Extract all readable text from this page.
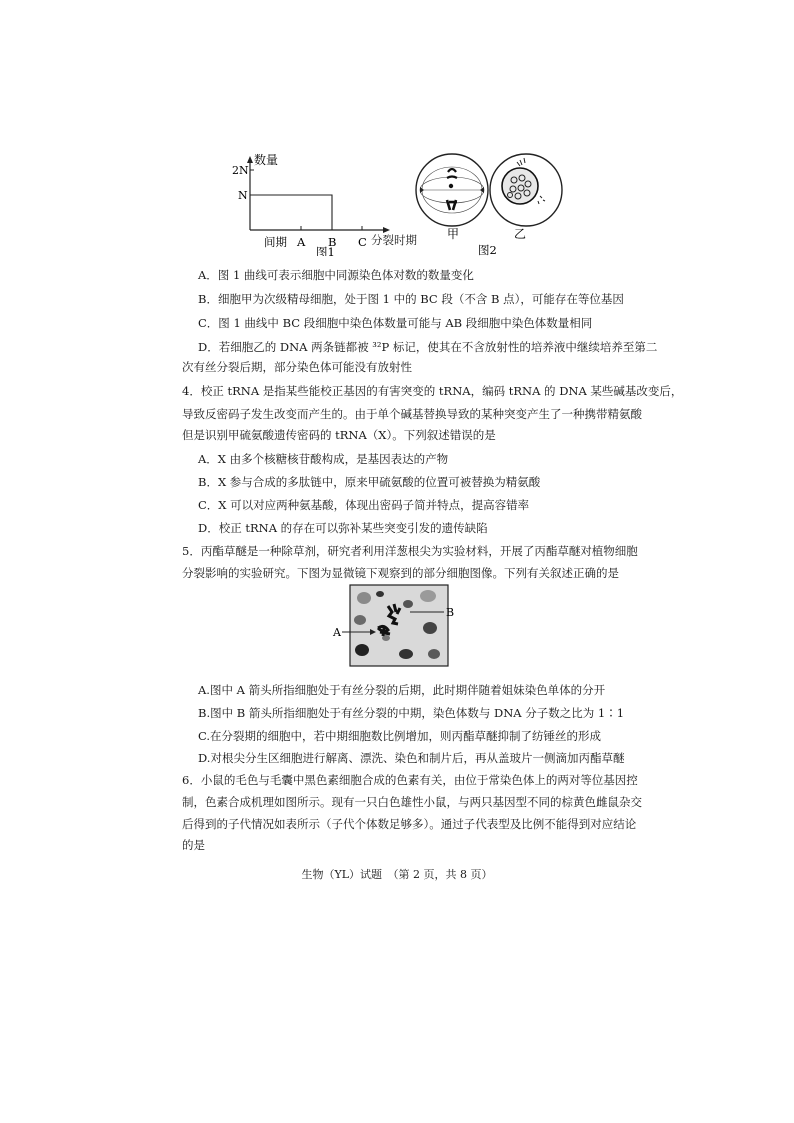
数量
2N
N
间期 A B C
图1
分裂时期	甲	乙
图2
A．图 1 曲线可表示细胞中同源染色体对数的数量变化
B．细胞甲为次级精母细胞，处于图 1 中的 BC 段（不含 B 点），可能存在等位基因
C．图 1 曲线中 BC 段细胞中染色体数量可能与 AB 段细胞中染色体数量相同
D．若细胞乙的 DNA 两条链都被 ³²P 标记，使其在不含放射性的培养液中继续培养至第二
次有丝分裂后期，部分染色体可能没有放射性
4．校正 tRNA 是指某些能校正基因的有害突变的 tRNA，编码 tRNA 的 DNA 某些碱基改变后，
导致反密码子发生改变而产生的。由于单个碱基替换导致的某种突变产生了一种携带精氨酸
但是识别甲硫氨酸遗传密码的 tRNA（X）。下列叙述错误的是
A．X 由多个核糖核苷酸构成，是基因表达的产物
B．X 参与合成的多肽链中，原来甲硫氨酸的位置可被替换为精氨酸
C．X 可以对应两种氨基酸，体现出密码子简并特点，提高容错率
D．校正 tRNA 的存在可以弥补某些突变引发的遗传缺陷
5．丙酯草醚是一种除草剂，研究者利用洋葱根尖为实验材料，开展了丙酯草醚对植物细胞
分裂影响的实验研究。下图为显微镜下观察到的部分细胞图像。下列有关叙述正确的是
B
A
A.图中 A 箭头所指细胞处于有丝分裂的后期，此时期伴随着姐妹染色单体的分开
B.图中 B 箭头所指细胞处于有丝分裂的中期，染色体数与 DNA 分子数之比为 1∶1
C.在分裂期的细胞中，若中期细胞数比例增加，则丙酯草醚抑制了纺锤丝的形成
D.对根尖分生区细胞进行解离、漂洗、染色和制片后，再从盖玻片一侧滴加丙酯草醚
6．小鼠的毛色与毛囊中黑色素细胞合成的色素有关，由位于常染色体上的两对等位基因控
制，色素合成机理如图所示。现有一只白色雄性小鼠，与两只基因型不同的棕黄色雌鼠杂交
后得到的子代情况如表所示（子代个体数足够多）。通过子代表型及比例不能得到对应结论
的是
生物（YL）试题　（第 2 页，共 8 页）
